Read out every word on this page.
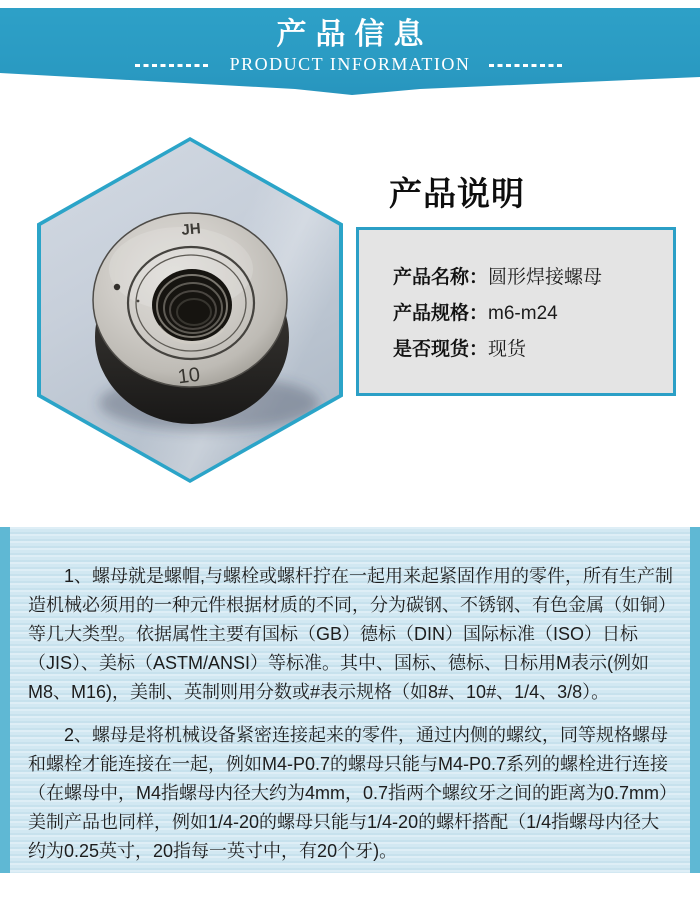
产品信息
PRODUCT INFORMATION
JH
10
产品说明
产品名称： 圆形焊接螺母
产品规格： m6-m24
是否现货： 现货

1、螺母就是螺帽,与螺栓或螺杆拧在一起用来起紧固作用的零件，所有生产制造机械必须用的一种元件根据材质的不同，分为碳钢、不锈钢、有色金属（如铜）等几大类型。依据属性主要有国标（GB）德标（DIN）国际标准（ISO）日标（JIS）、美标（ASTM/ANSI）等标准。其中、国标、德标、日标用M表示(例如M8、M16)，美制、英制则用分数或#表示规格（如8#、10#、1/4、3/8）。

2、螺母是将机械设备紧密连接起来的零件，通过内侧的螺纹，同等规格螺母和螺栓才能连接在一起，例如M4-P0.7的螺母只能与M4-P0.7系列的螺栓进行连接（在螺母中，M4指螺母内径大约为4mm，0.7指两个螺纹牙之间的距离为0.7mm）美制产品也同样，例如1/4-20的螺母只能与1/4-20的螺杆搭配（1/4指螺母内径大约为0.25英寸，20指每一英寸中，有20个牙)。
